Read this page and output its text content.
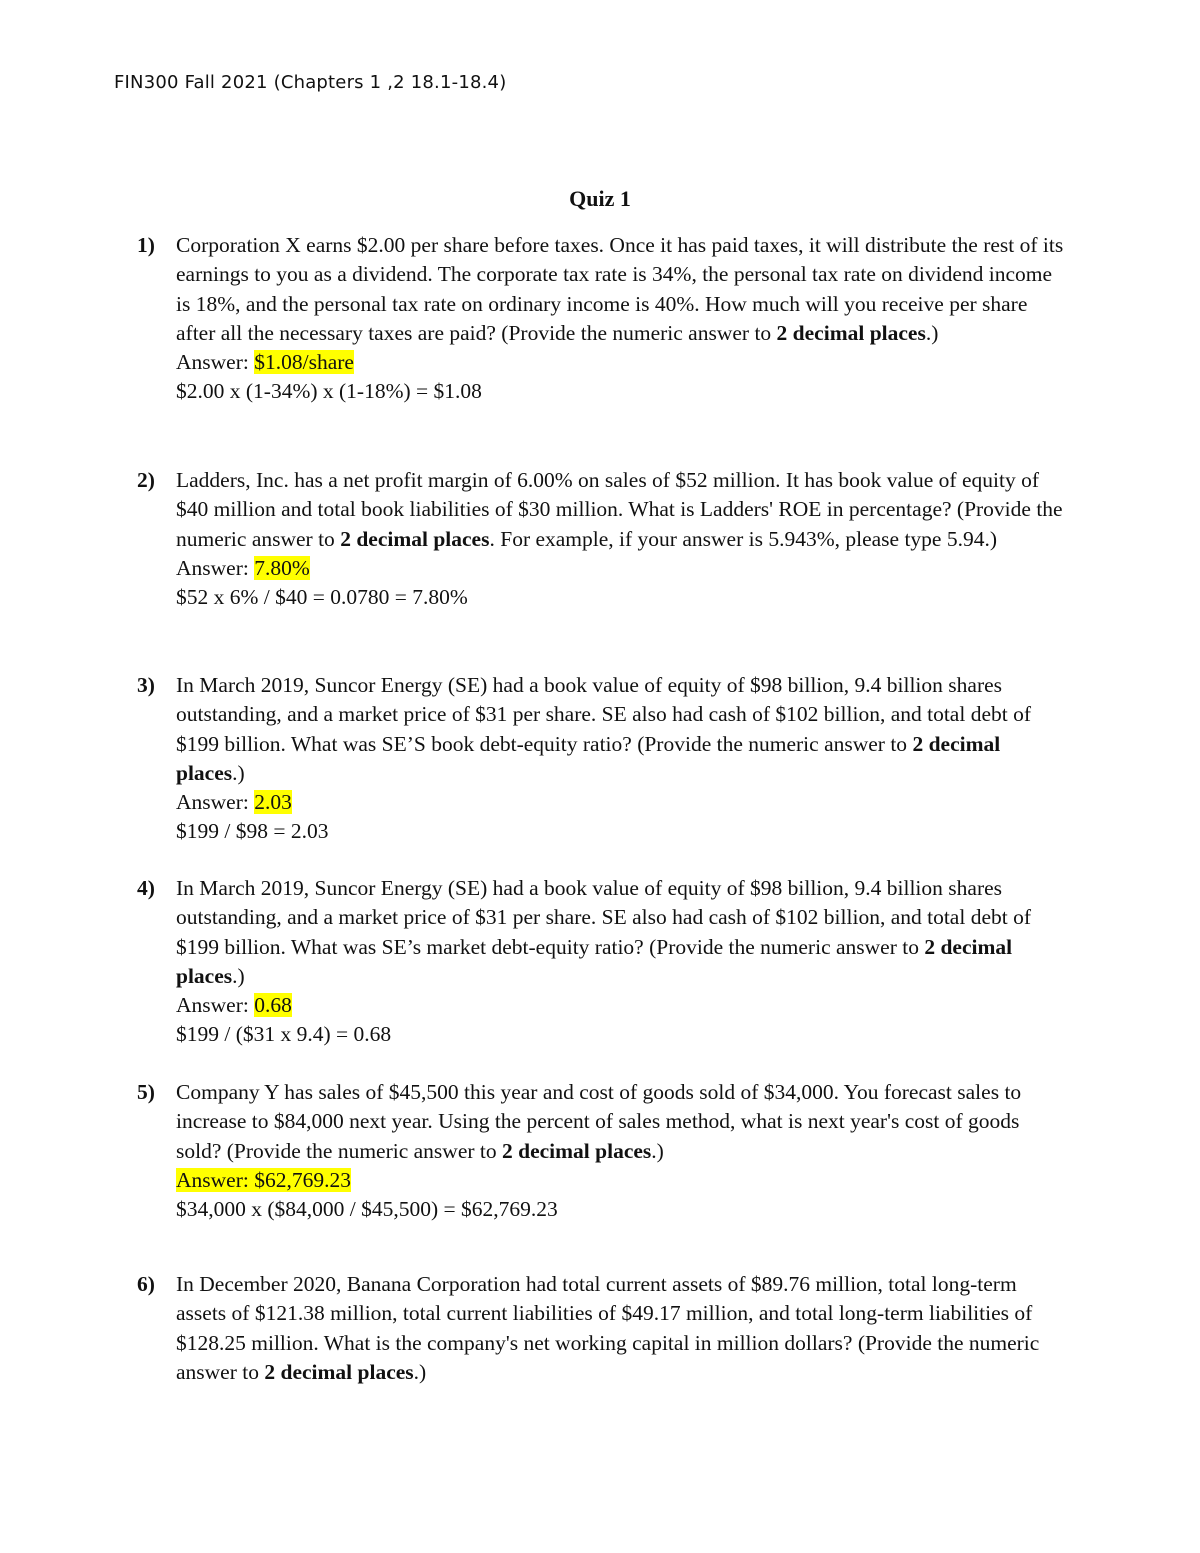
FIN300 Fall 2021 (Chapters 1 ,2 18.1-18.4)
Quiz 1
1) Corporation X earns $2.00 per share before taxes. Once it has paid taxes, it will distribute the rest of its earnings to you as a dividend. The corporate tax rate is 34%, the personal tax rate on dividend income is 18%, and the personal tax rate on ordinary income is 40%. How much will you receive per share after all the necessary taxes are paid? (Provide the numeric answer to 2 decimal places.)

Answer: $1.08/share

$2.00 x (1-34%) x (1-18%) = $1.08

2) Ladders, Inc. has a net profit margin of 6.00% on sales of $52 million. It has book value of equity of $40 million and total book liabilities of $30 million. What is Ladders' ROE in percentage? (Provide the numeric answer to 2 decimal places. For example, if your answer is 5.943%, please type 5.94.)

Answer: 7.80%

$52 x 6% / $40 = 0.0780 = 7.80%

3) In March 2019, Suncor Energy (SE) had a book value of equity of $98 billion, 9.4 billion shares outstanding, and a market price of $31 per share. SE also had cash of $102 billion, and total debt of $199 billion. What was SE’S book debt-equity ratio? (Provide the numeric answer to 2 decimal places.)

Answer: 2.03

$199 / $98 = 2.03

4) In March 2019, Suncor Energy (SE) had a book value of equity of $98 billion, 9.4 billion shares outstanding, and a market price of $31 per share. SE also had cash of $102 billion, and total debt of $199 billion. What was SE’s market debt-equity ratio? (Provide the numeric answer to 2 decimal places.)

Answer: 0.68

$199 / ($31 x 9.4) = 0.68

5) Company Y has sales of $45,500 this year and cost of goods sold of $34,000. You forecast sales to increase to $84,000 next year. Using the percent of sales method, what is next year's cost of goods sold? (Provide the numeric answer to 2 decimal places.)

Answer: $62,769.23

$34,000 x ($84,000 / $45,500) = $62,769.23

6) In December 2020, Banana Corporation had total current assets of $89.76 million, total long-term assets of $121.38 million, total current liabilities of $49.17 million, and total long-term liabilities of $128.25 million. What is the company's net working capital in million dollars? (Provide the numeric answer to 2 decimal places.)
